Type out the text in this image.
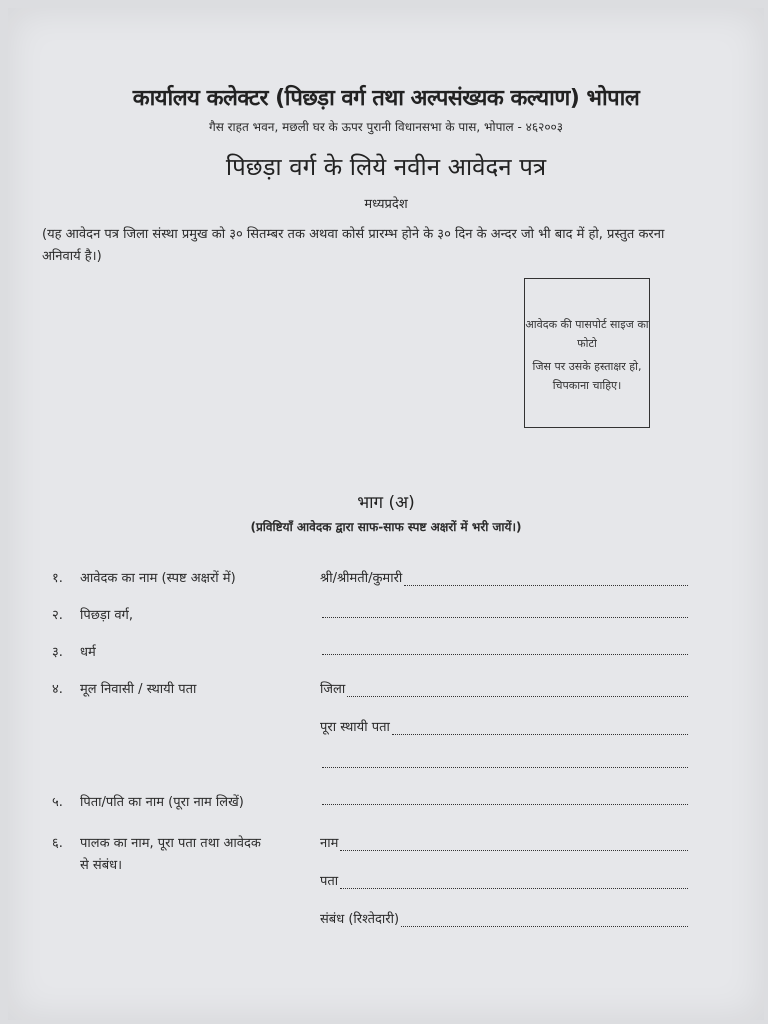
कार्यालय कलेक्टर (पिछड़ा वर्ग तथा अल्पसंख्यक कल्याण) भोपाल
गैस राहत भवन, मछली घर के ऊपर पुरानी विधानसभा के पास, भोपाल - ४६२००३
पिछड़ा वर्ग के लिये नवीन आवेदन पत्र
मध्यप्रदेश
(यह आवेदन पत्र जिला संस्था प्रमुख को ३० सितम्बर तक अथवा कोर्स प्रारम्भ होने के ३० दिन के अन्दर जो भी बाद में हो, प्रस्तुत करना अनिवार्य है।)
आवेदक की पासपोर्ट साइज का फोटो
जिस पर उसके हस्ताक्षर हो, चिपकाना चाहिए।
भाग (अ)
(प्रविष्टियाँ आवेदक द्वारा साफ-साफ स्पष्ट अक्षरों में भरी जायें।)
१. आवेदक का नाम (स्पष्ट अक्षरों में)	श्री/श्रीमती/कुमारी
२. पिछड़ा वर्ग,
३. धर्म
४. मूल निवासी / स्थायी पता	जिला
पूरा स्थायी पता
५. पिता/पति का नाम (पूरा नाम लिखें)
६. पालक का नाम, पूरा पता तथा आवेदक
से संबंध।
नाम
पता
संबंध (रिश्तेदारी)
